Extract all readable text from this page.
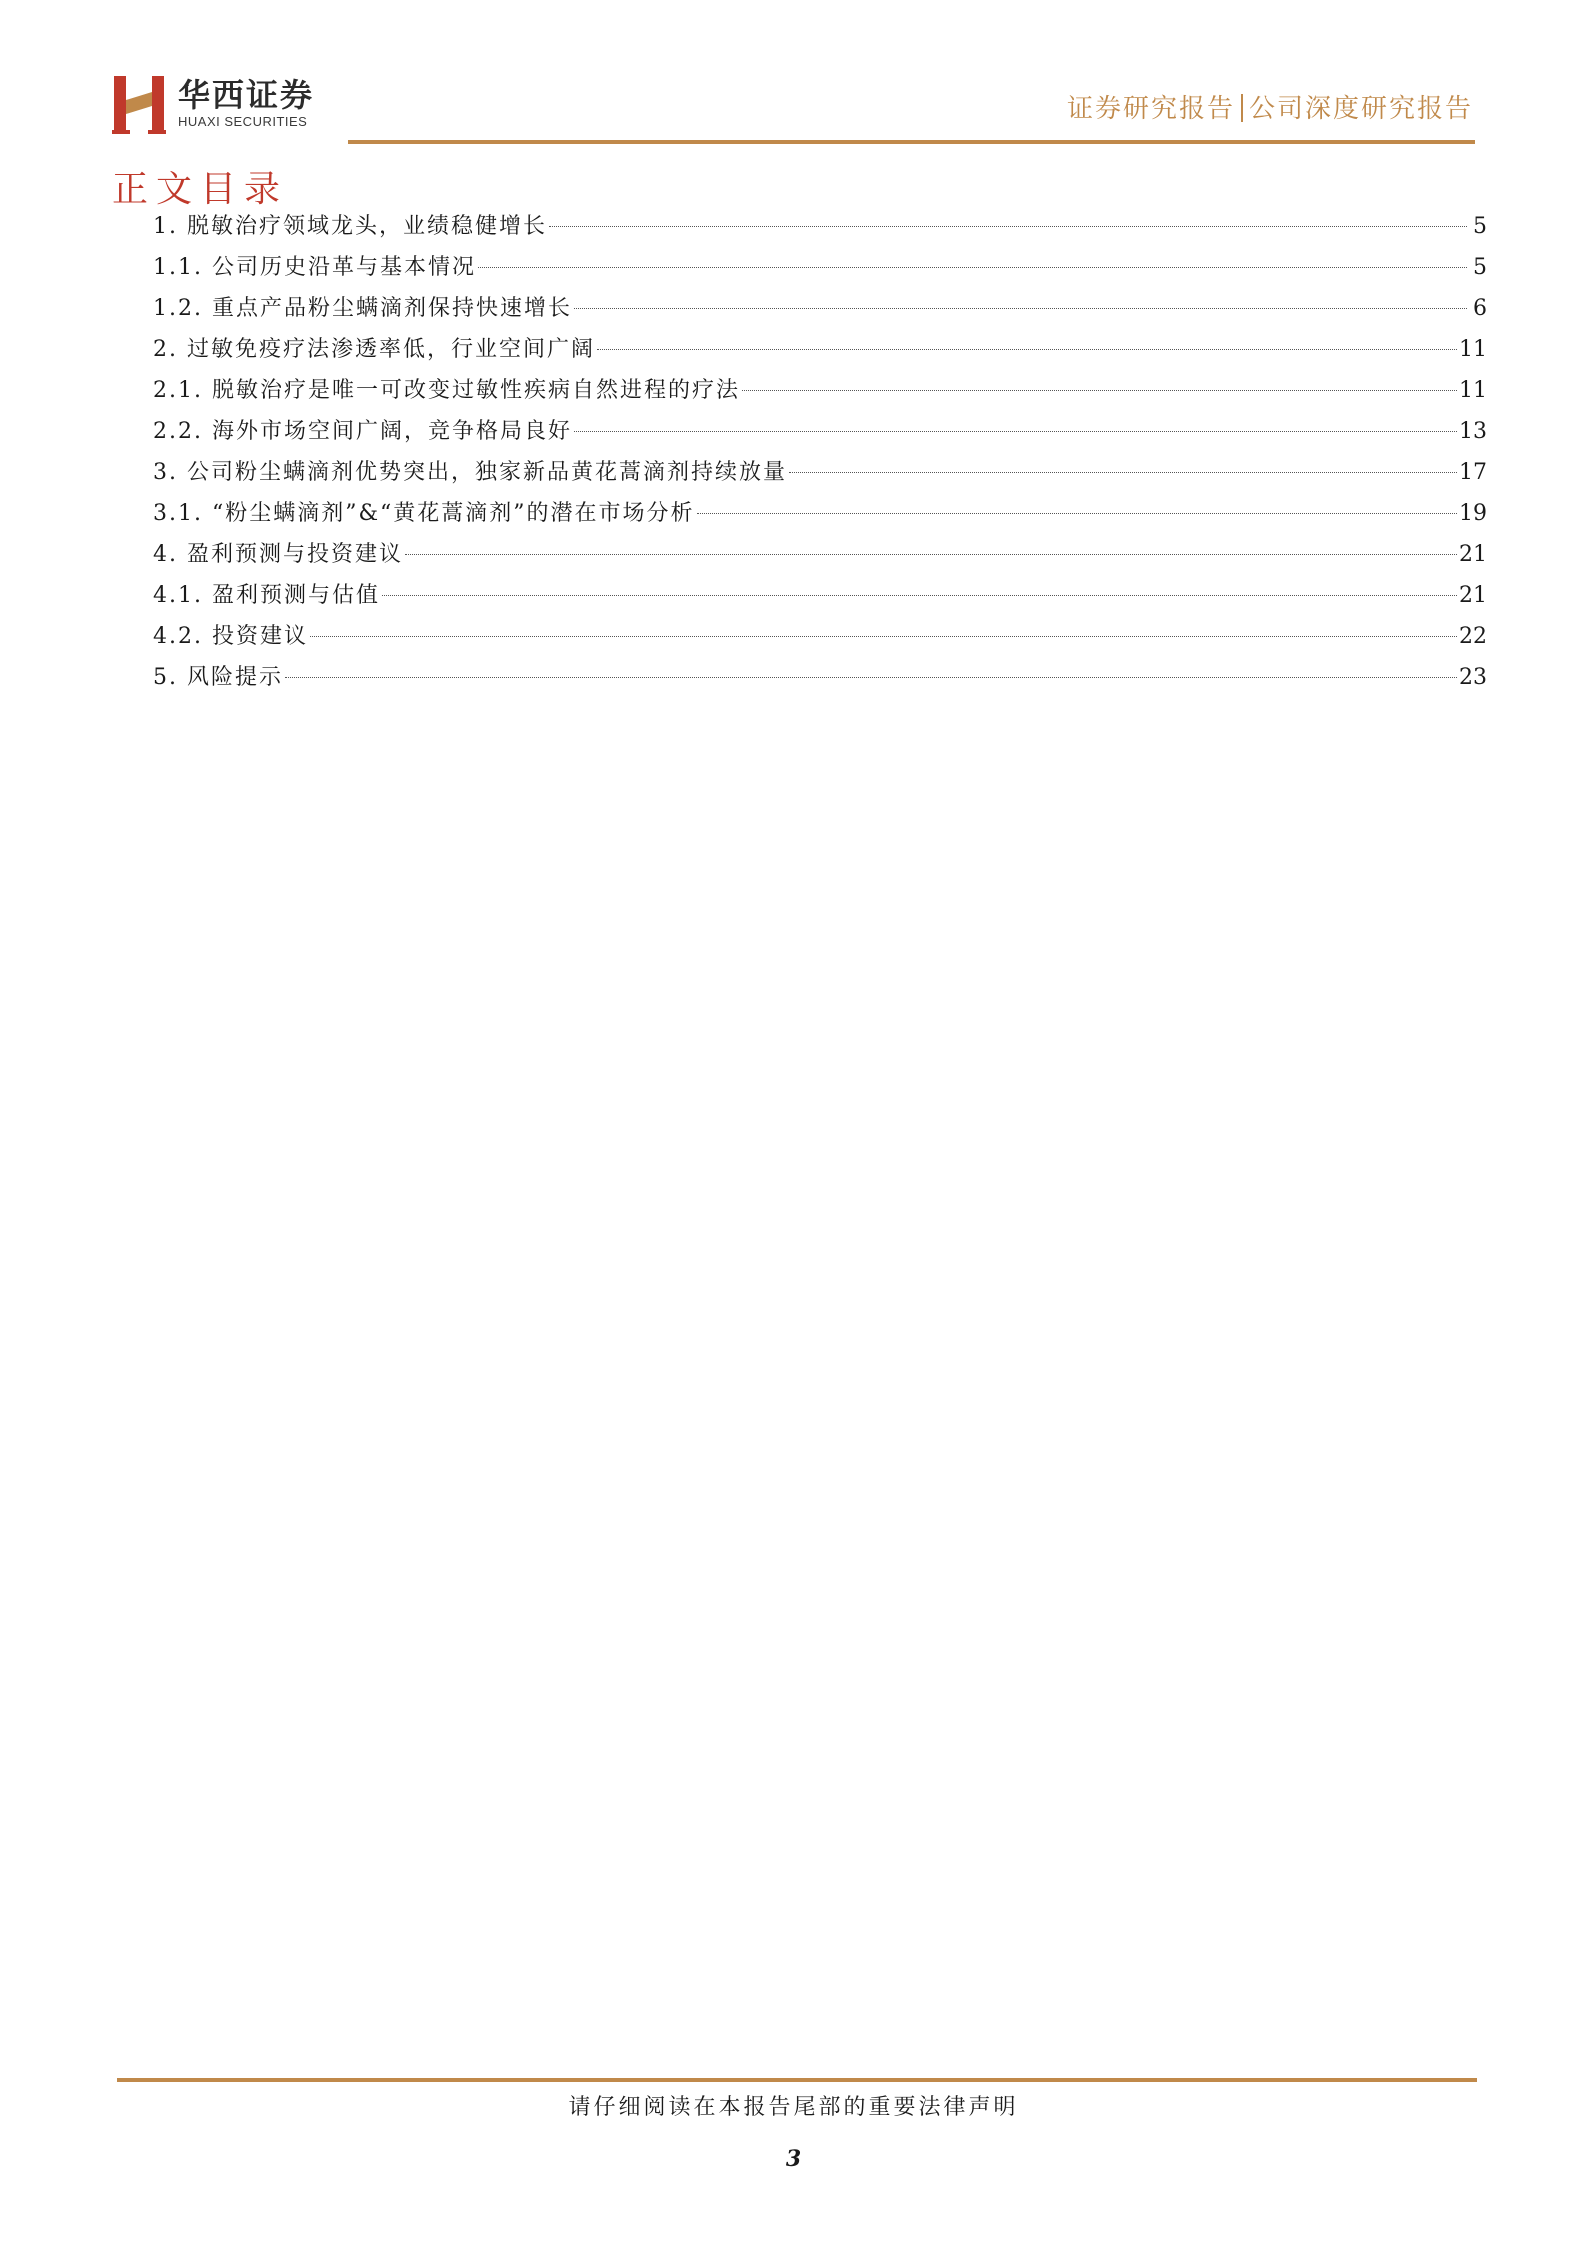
华西证券
HUAXI SECURITIES	证券研究报告 公司深度研究报告
正文目录
1. 脱敏治疗领域龙头，业绩稳健增长	5
1.1. 公司历史沿革与基本情况	5
1.2. 重点产品粉尘螨滴剂保持快速增长	6
2. 过敏免疫疗法渗透率低，行业空间广阔	11
2.1. 脱敏治疗是唯一可改变过敏性疾病自然进程的疗法	11
2.2. 海外市场空间广阔，竞争格局良好	13
3. 公司粉尘螨滴剂优势突出，独家新品黄花蒿滴剂持续放量	17
3.1. “粉尘螨滴剂”&“黄花蒿滴剂”的潜在市场分析	19
4. 盈利预测与投资建议	21
4.1. 盈利预测与估值	21
4.2. 投资建议	22
5. 风险提示	23
请仔细阅读在本报告尾部的重要法律声明
3
